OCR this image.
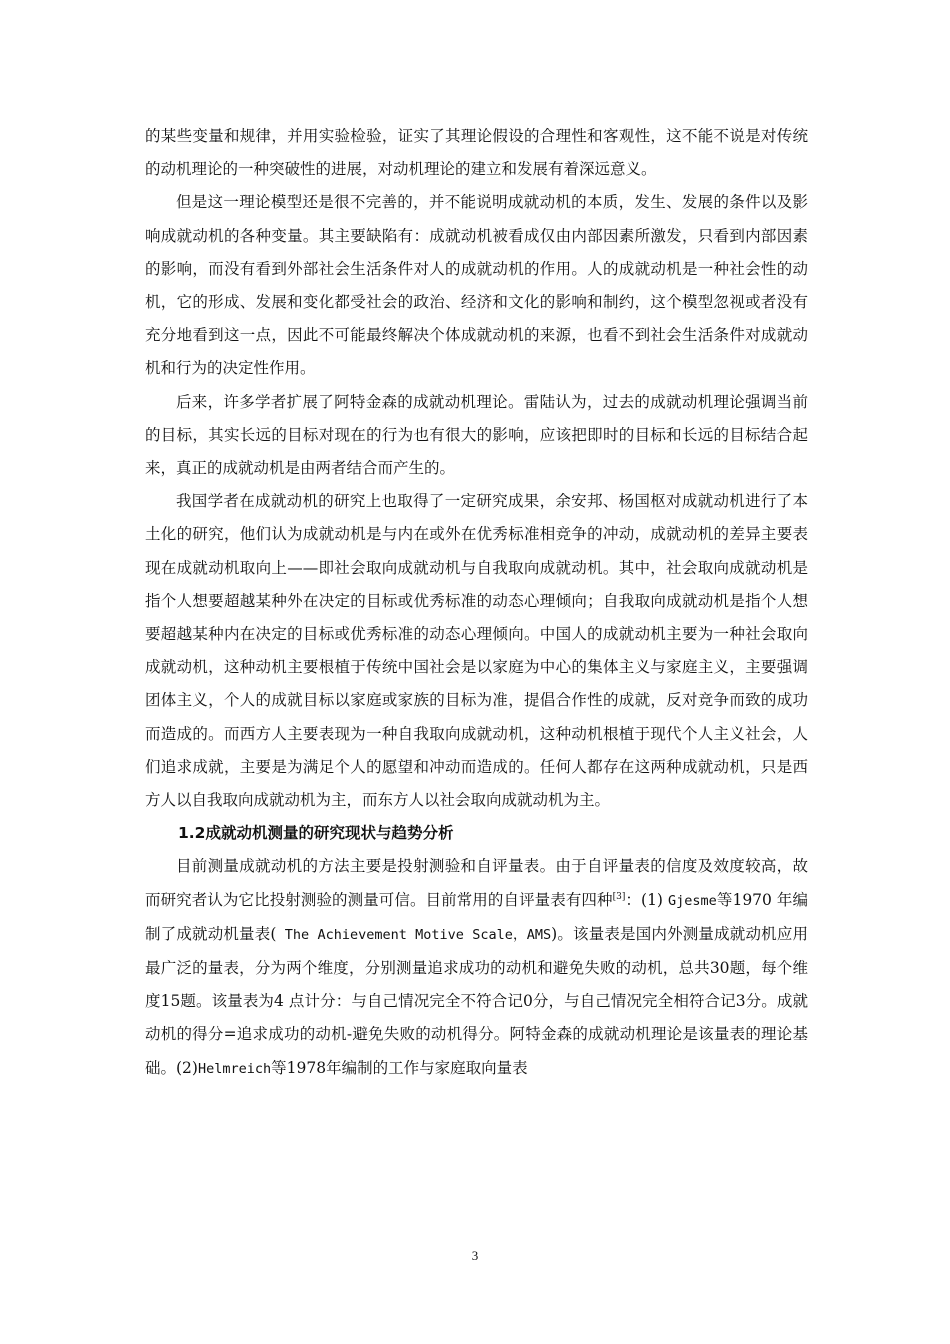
的某些变量和规律，并用实验检验，证实了其理论假设的合理性和客观性，这不能不说是对传统的动机理论的一种突破性的进展，对动机理论的建立和发展有着深远意义。

但是这一理论模型还是很不完善的，并不能说明成就动机的本质，发生、发展的条件以及影响成就动机的各种变量。其主要缺陷有：成就动机被看成仅由内部因素所激发，只看到内部因素的影响，而没有看到外部社会生活条件对人的成就动机的作用。人的成就动机是一种社会性的动机，它的形成、发展和变化都受社会的政治、经济和文化的影响和制约，这个模型忽视或者没有充分地看到这一点，因此不可能最终解决个体成就动机的来源，也看不到社会生活条件对成就动机和行为的决定性作用。

后来，许多学者扩展了阿特金森的成就动机理论。雷陆认为，过去的成就动机理论强调当前的目标，其实长远的目标对现在的行为也有很大的影响，应该把即时的目标和长远的目标结合起来，真正的成就动机是由两者结合而产生的。

我国学者在成就动机的研究上也取得了一定研究成果，余安邦、杨国枢对成就动机进行了本土化的研究，他们认为成就动机是与内在或外在优秀标准相竞争的冲动，成就动机的差异主要表现在成就动机取向上——即社会取向成就动机与自我取向成就动机。其中，社会取向成就动机是指个人想要超越某种外在决定的目标或优秀标准的动态心理倾向；自我取向成就动机是指个人想要超越某种内在决定的目标或优秀标准的动态心理倾向。中国人的成就动机主要为一种社会取向成就动机，这种动机主要根植于传统中国社会是以家庭为中心的集体主义与家庭主义，主要强调团体主义，个人的成就目标以家庭或家族的目标为准，提倡合作性的成就，反对竞争而致的成功而造成的。而西方人主要表现为一种自我取向成就动机，这种动机根植于现代个人主义社会，人们追求成就，主要是为满足个人的愿望和冲动而造成的。任何人都存在这两种成就动机，只是西方人以自我取向成就动机为主，而东方人以社会取向成就动机为主。

1.2成就动机测量的研究现状与趋势分析

目前测量成就动机的方法主要是投射测验和自评量表。由于自评量表的信度及效度较高，故而研究者认为它比投射测验的测量可信。目前常用的自评量表有四种[3]：(1) Gjesme等1970 年编制了成就动机量表( The Achievement Motive Scale，AMS)。该量表是国内外测量成就动机应用最广泛的量表，分为两个维度，分别测量追求成功的动机和避免失败的动机，总共30题，每个维度15题。该量表为4 点计分：与自己情况完全不符合记0分，与自己情况完全相符合记3分。成就动机的得分=追求成功的动机-避免失败的动机得分。阿特金森的成就动机理论是该量表的理论基础。(2)Helmreich等1978年编制的工作与家庭取向量表

3
